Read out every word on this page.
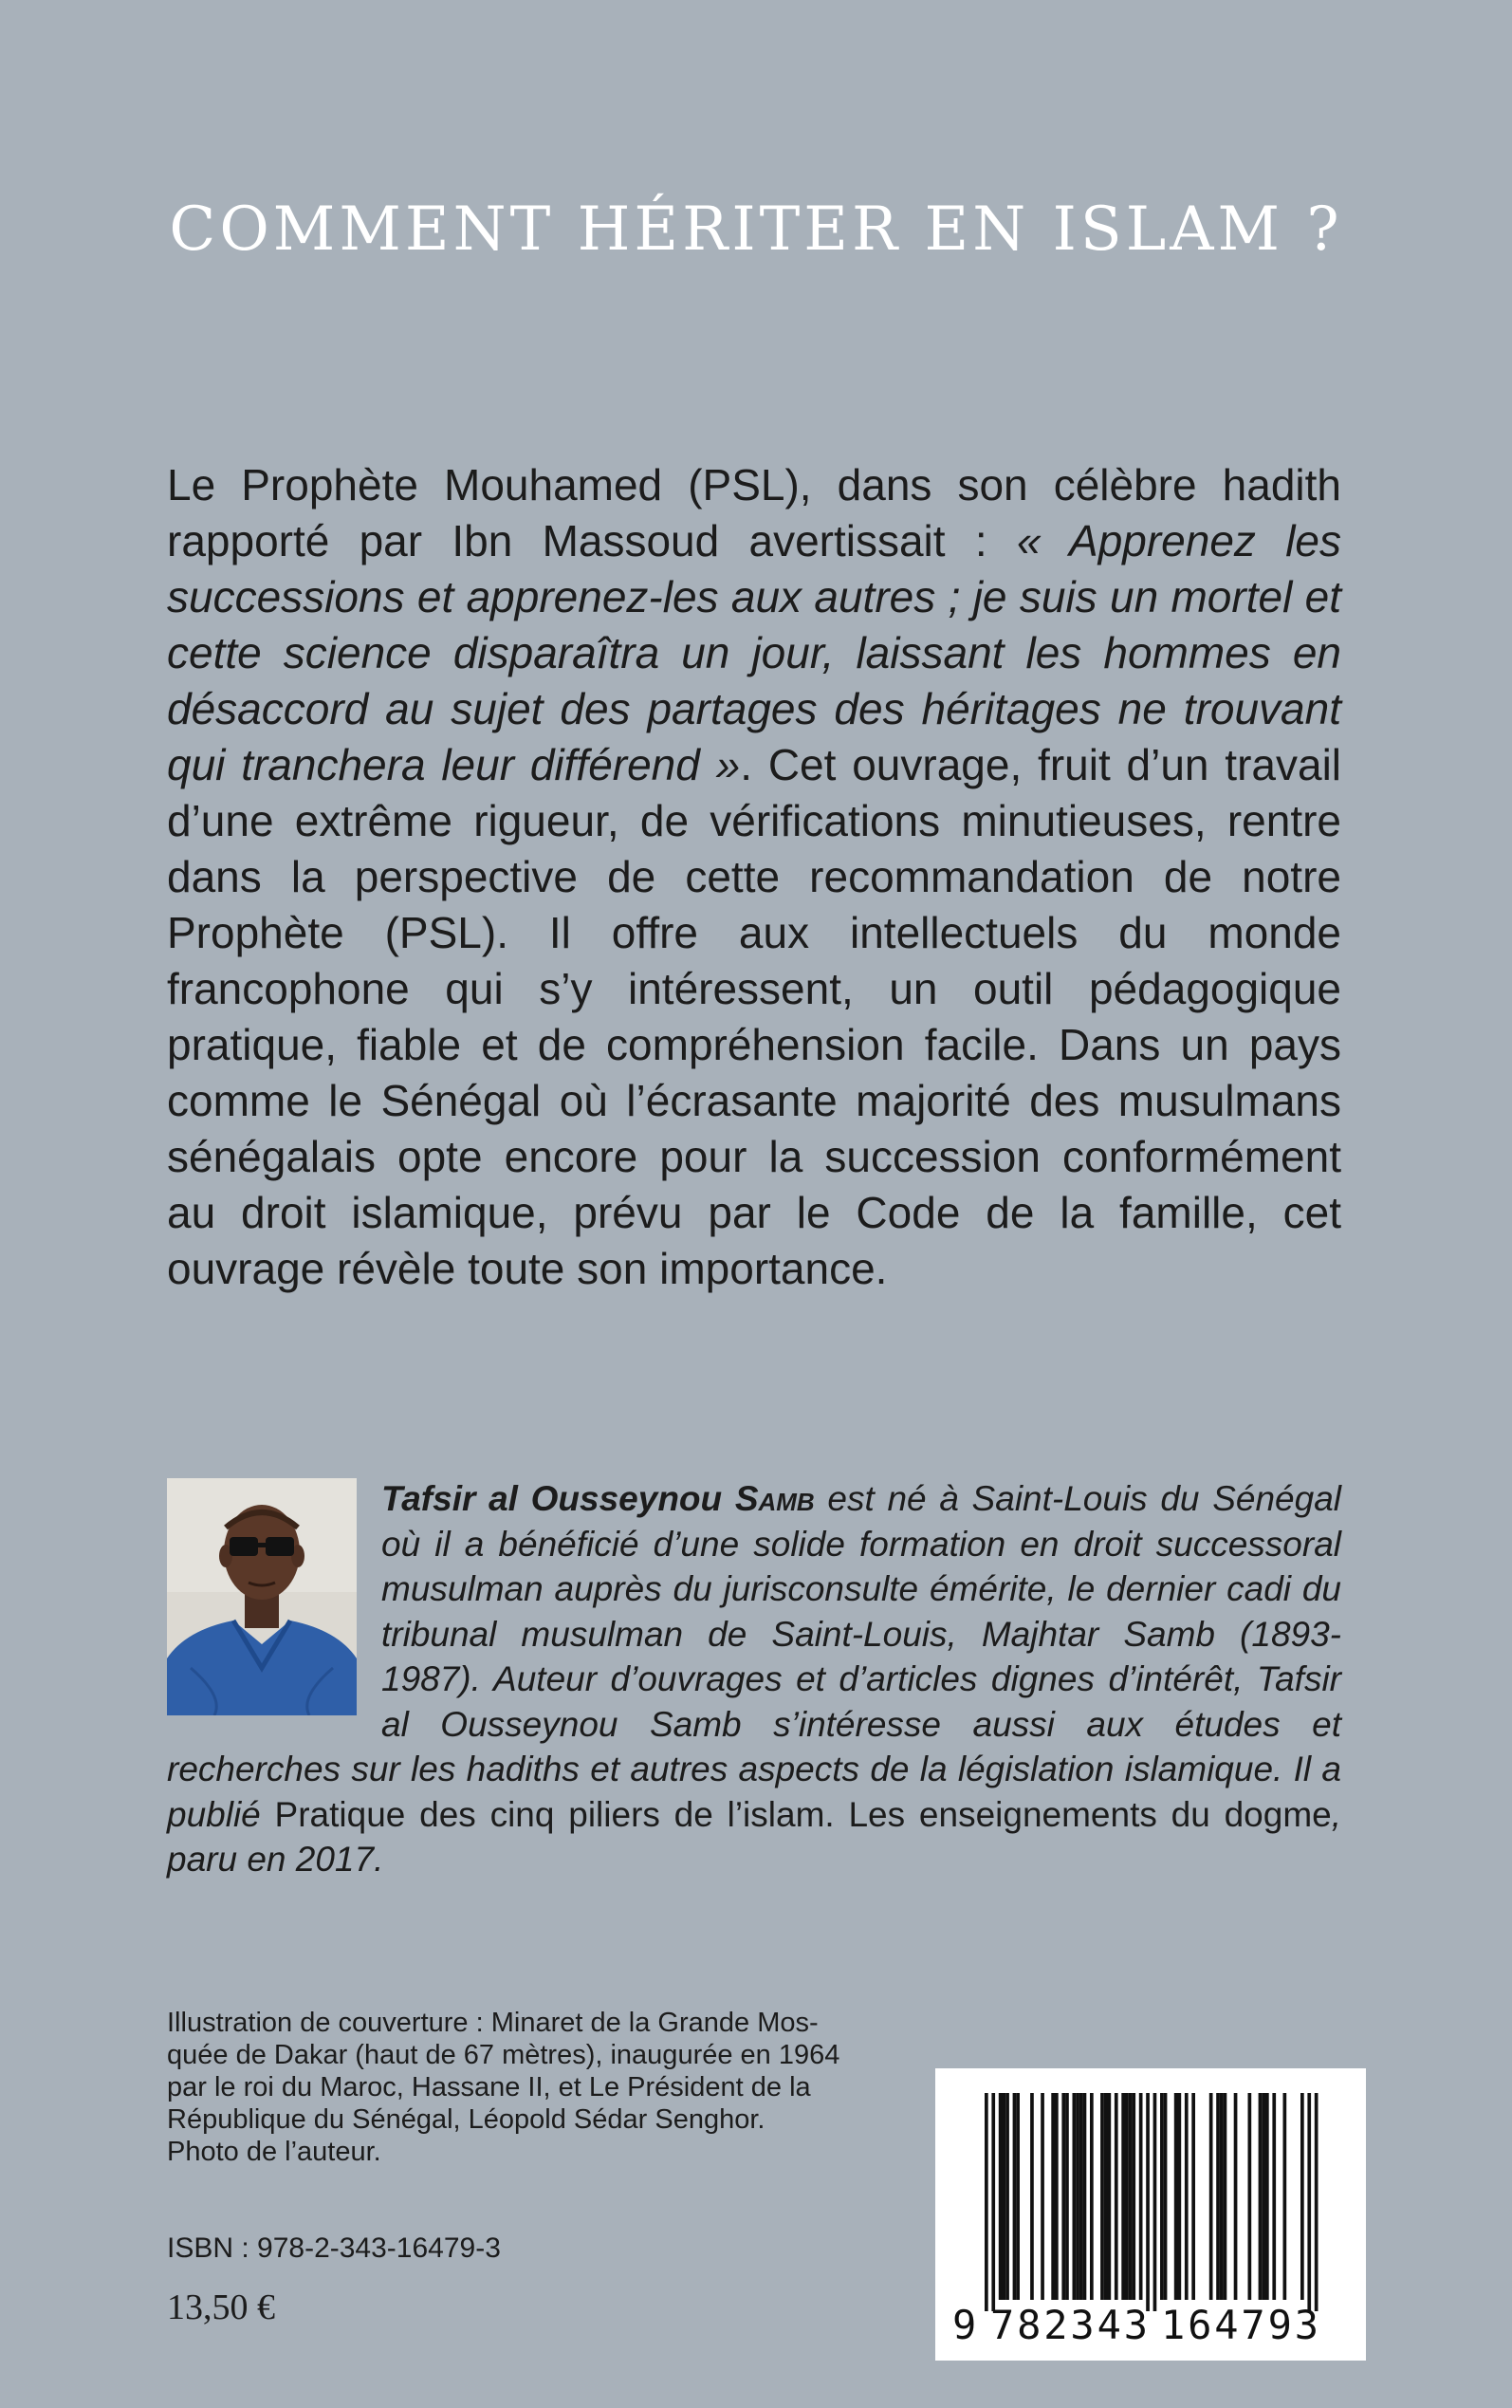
COMMENT HÉRITER EN ISLAM ?

Le Prophète Mouhamed (PSL), dans son célèbre hadith rapporté par Ibn Massoud avertissait : « Apprenez les successions et apprenez-les aux autres ; je suis un mortel et cette science disparaîtra un jour, laissant les hommes en désaccord au sujet des partages des héritages ne trouvant qui tranchera leur différend ». Cet ouvrage, fruit d’un travail d’une extrême rigueur, de vérifications minutieuses, rentre dans la perspective de cette recommandation de notre Prophète (PSL). Il offre aux intellectuels du monde francophone qui s’y intéressent, un outil pédagogique pratique, fiable et de compréhension facile. Dans un pays comme le Sénégal où l’écrasante majorité des musulmans sénégalais opte encore pour la succession conformément au droit islamique, prévu par le Code de la famille, cet ouvrage révèle toute son importance.

Tafsir al Ousseynou Samb est né à Saint-Louis du Sénégal où il a bénéficié d’une solide formation en droit successoral musulman auprès du jurisconsulte émérite, le dernier cadi du tribunal musulman de Saint-Louis, Majhtar Samb (1893-1987). Auteur d’ouvrages et d’articles dignes d’intérêt, Tafsir al Ousseynou Samb s’intéresse aussi aux études et recherches sur les hadiths et autres aspects de la législation islamique. Il a publié Pratique des cinq piliers de l’islam. Les enseignements du dogme, paru en 2017.

Illustration de couverture : Minaret de la Grande Mos-
quée de Dakar (haut de 67 mètres), inaugurée en 1964
par le roi du Maroc, Hassane II, et Le Président de la
République du Sénégal, Léopold Sédar Senghor.
Photo de l’auteur.
ISBN : 978-2-343-16479-3
13,50 €	9 782343 164793
